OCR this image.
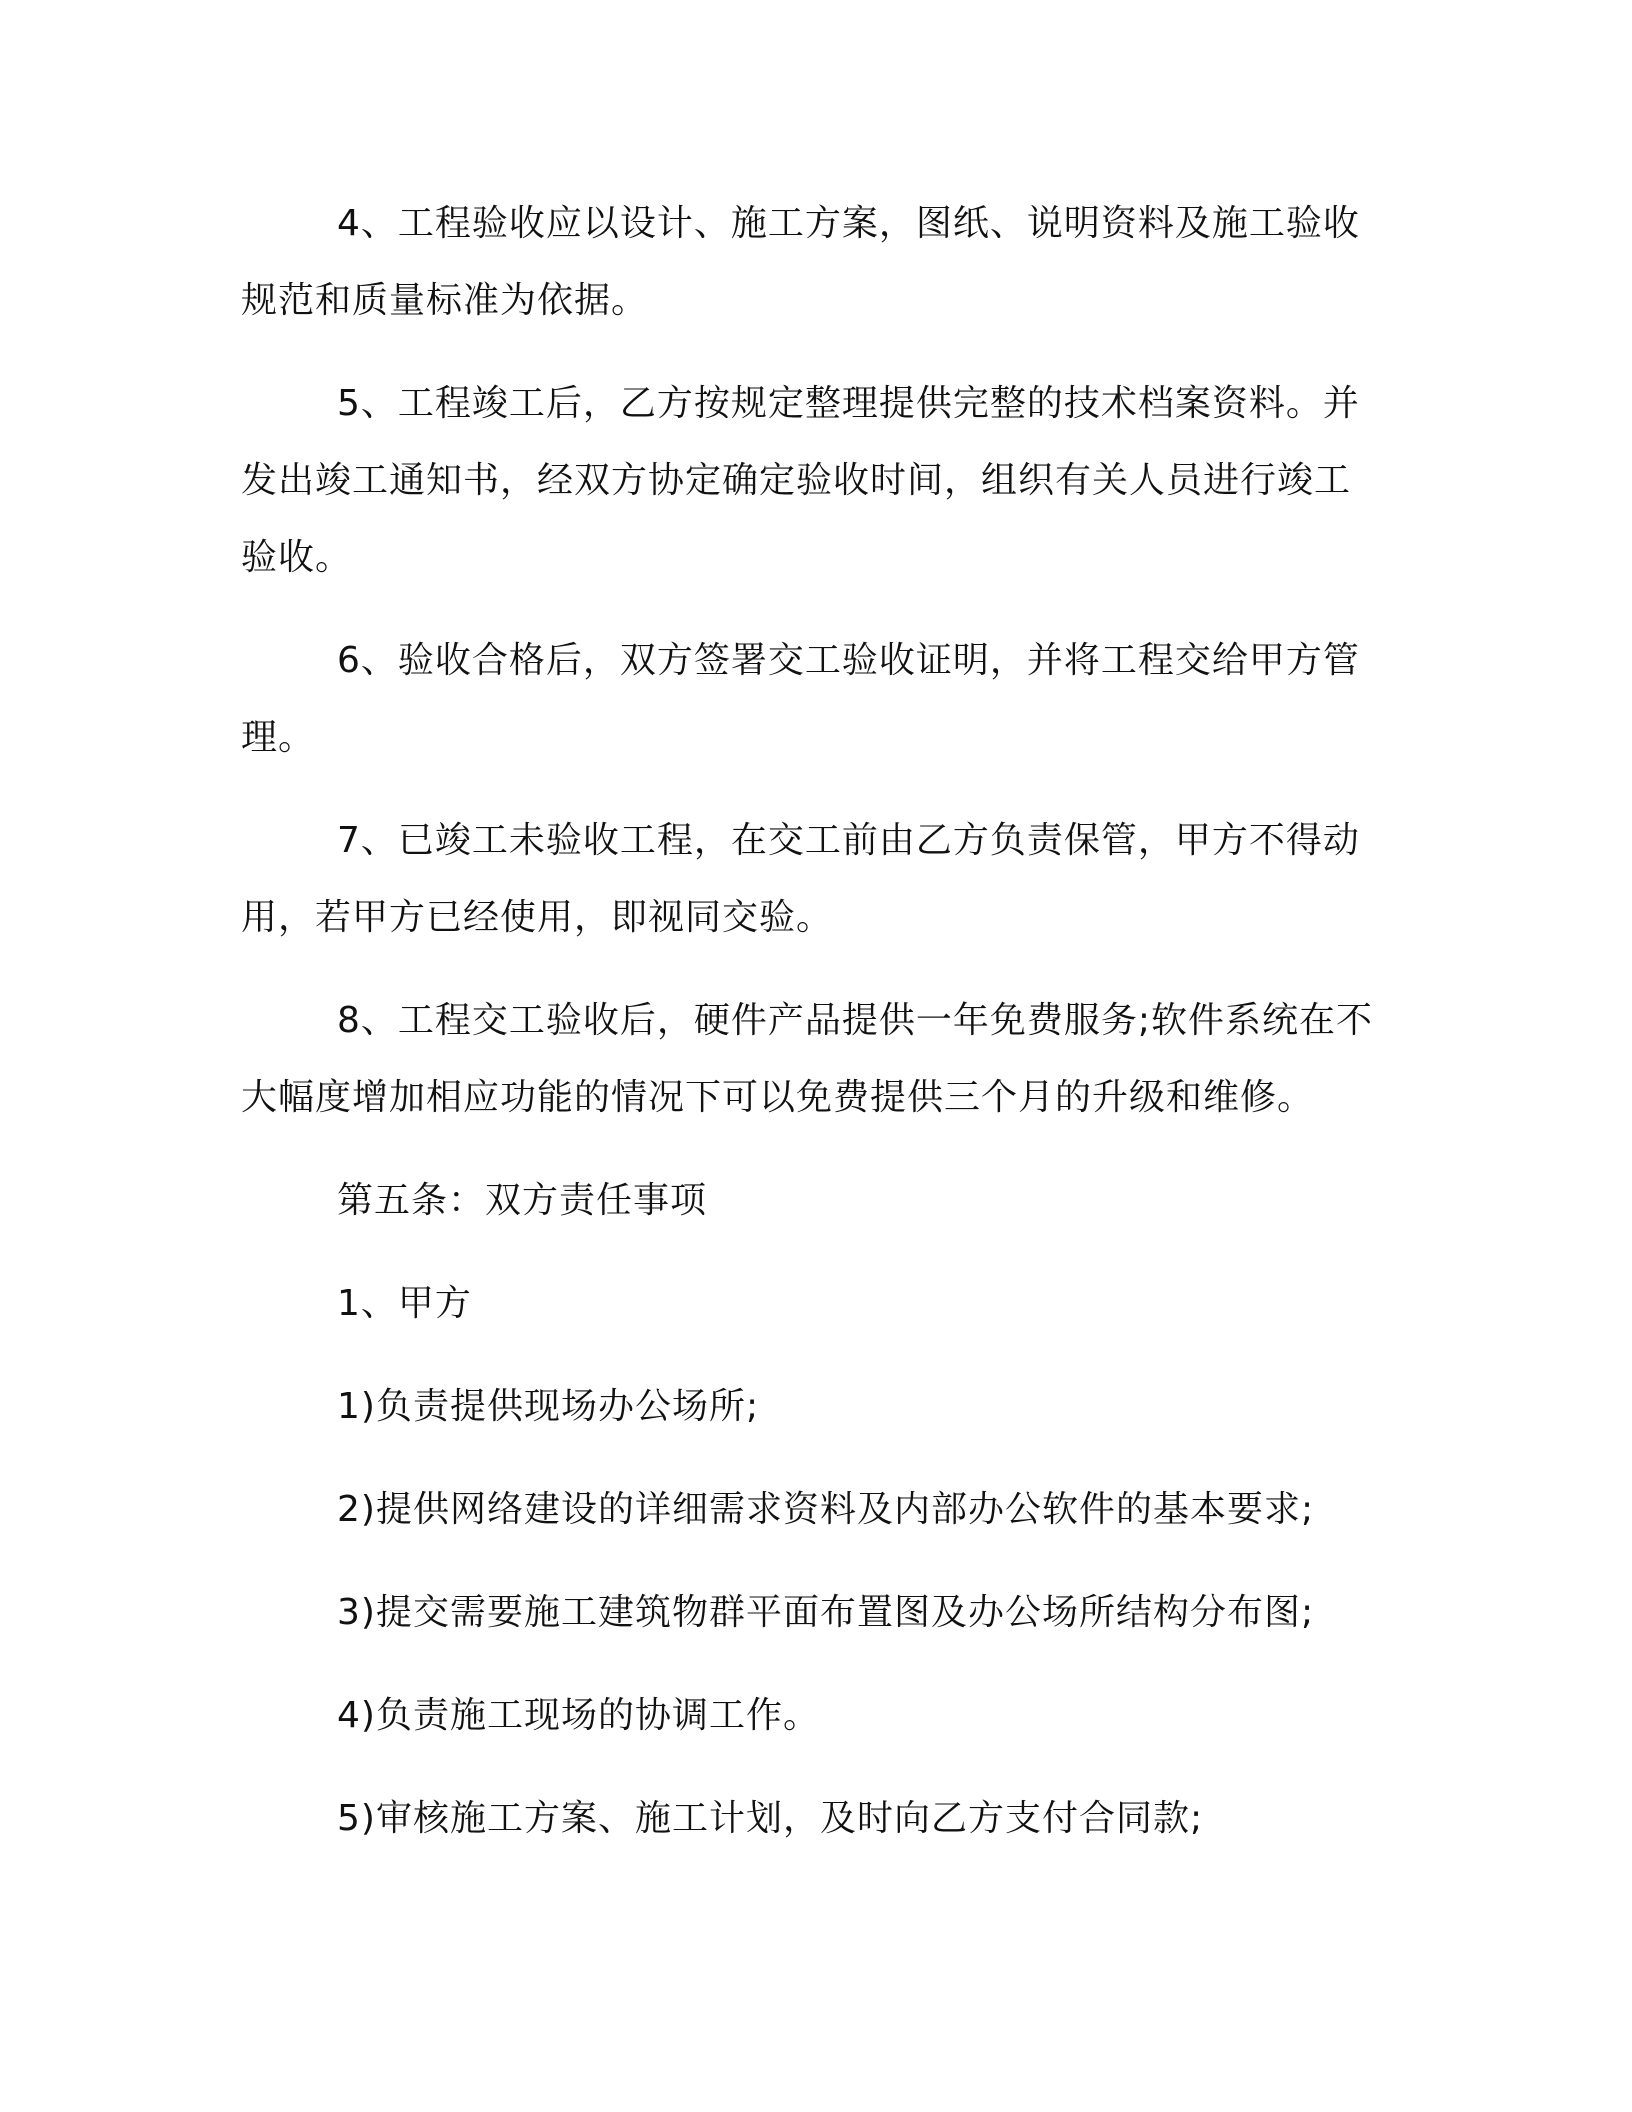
4、工程验收应以设计、施工方案，图纸、说明资料及施工验收规范和质量标准为依据。

5、工程竣工后，乙方按规定整理提供完整的技术档案资料。并发出竣工通知书，经双方协定确定验收时间，组织有关人员进行竣工验收。

6、验收合格后，双方签署交工验收证明，并将工程交给甲方管理。

7、已竣工未验收工程，在交工前由乙方负责保管，甲方不得动用，若甲方已经使用，即视同交验。

8、工程交工验收后，硬件产品提供一年免费服务;软件系统在不大幅度增加相应功能的情况下可以免费提供三个月的升级和维修。

第五条：双方责任事项

1、甲方

1)负责提供现场办公场所;

2)提供网络建设的详细需求资料及内部办公软件的基本要求;

3)提交需要施工建筑物群平面布置图及办公场所结构分布图;

4)负责施工现场的协调工作。

5)审核施工方案、施工计划，及时向乙方支付合同款;
